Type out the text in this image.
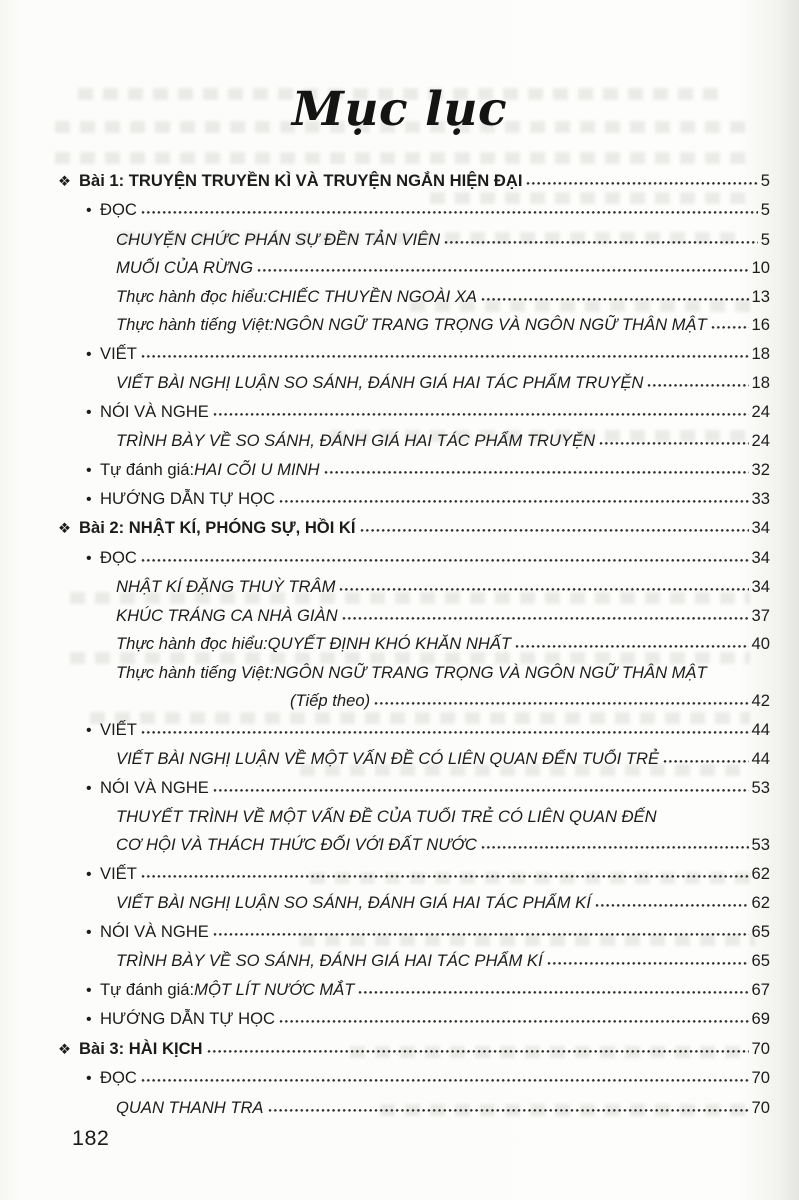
Mục lục
❖ Bài 1: TRUYỆN TRUYỀN KÌ VÀ TRUYỆN NGẮN HIỆN ĐẠI	5
• ĐỌC	5
CHUYỆN CHỨC PHÁN SỰ ĐỀN TẢN VIÊN	5
MUỐI CỦA RỪNG	10
Thực hành đọc hiểu: CHIẾC THUYỀN NGOÀI XA	13
Thực hành tiếng Việt: NGÔN NGỮ TRANG TRỌNG VÀ NGÔN NGỮ THÂN MẬT	16
• VIẾT	18
VIẾT BÀI NGHỊ LUẬN SO SÁNH, ĐÁNH GIÁ HAI TÁC PHẨM TRUYỆN	18
• NÓI VÀ NGHE	24
TRÌNH BÀY VỀ SO SÁNH, ĐÁNH GIÁ HAI TÁC PHẨM TRUYỆN	24
• Tự đánh giá: HAI CÕI U MINH	32
• HƯỚNG DẪN TỰ HỌC	33
❖ Bài 2: NHẬT KÍ, PHÓNG SỰ, HỒI KÍ	34
• ĐỌC	34
NHẬT KÍ ĐẶNG THUỲ TRÂM	34
KHÚC TRÁNG CA NHÀ GIÀN	37
Thực hành đọc hiểu: QUYẾT ĐỊNH KHÓ KHĂN NHẤT	40
Thực hành tiếng Việt: NGÔN NGỮ TRANG TRỌNG VÀ NGÔN NGỮ THÂN MẬT
(Tiếp theo)	42
• VIẾT	44
VIẾT BÀI NGHỊ LUẬN VỀ MỘT VẤN ĐỀ CÓ LIÊN QUAN ĐẾN TUỔI TRẺ	44
• NÓI VÀ NGHE	53
THUYẾT TRÌNH VỀ MỘT VẤN ĐỀ CỦA TUỔI TRẺ CÓ LIÊN QUAN ĐẾN
CƠ HỘI VÀ THÁCH THỨC ĐỐI VỚI ĐẤT NƯỚC	53
• VIẾT	62
VIẾT BÀI NGHỊ LUẬN SO SÁNH, ĐÁNH GIÁ HAI TÁC PHẨM KÍ	62
• NÓI VÀ NGHE	65
TRÌNH BÀY VỀ SO SÁNH, ĐÁNH GIÁ HAI TÁC PHẨM KÍ	65
• Tự đánh giá: MỘT LÍT NƯỚC MẮT	67
• HƯỚNG DẪN TỰ HỌC	69
❖ Bài 3: HÀI KỊCH	70
• ĐỌC	70
QUAN THANH TRA	70
182
